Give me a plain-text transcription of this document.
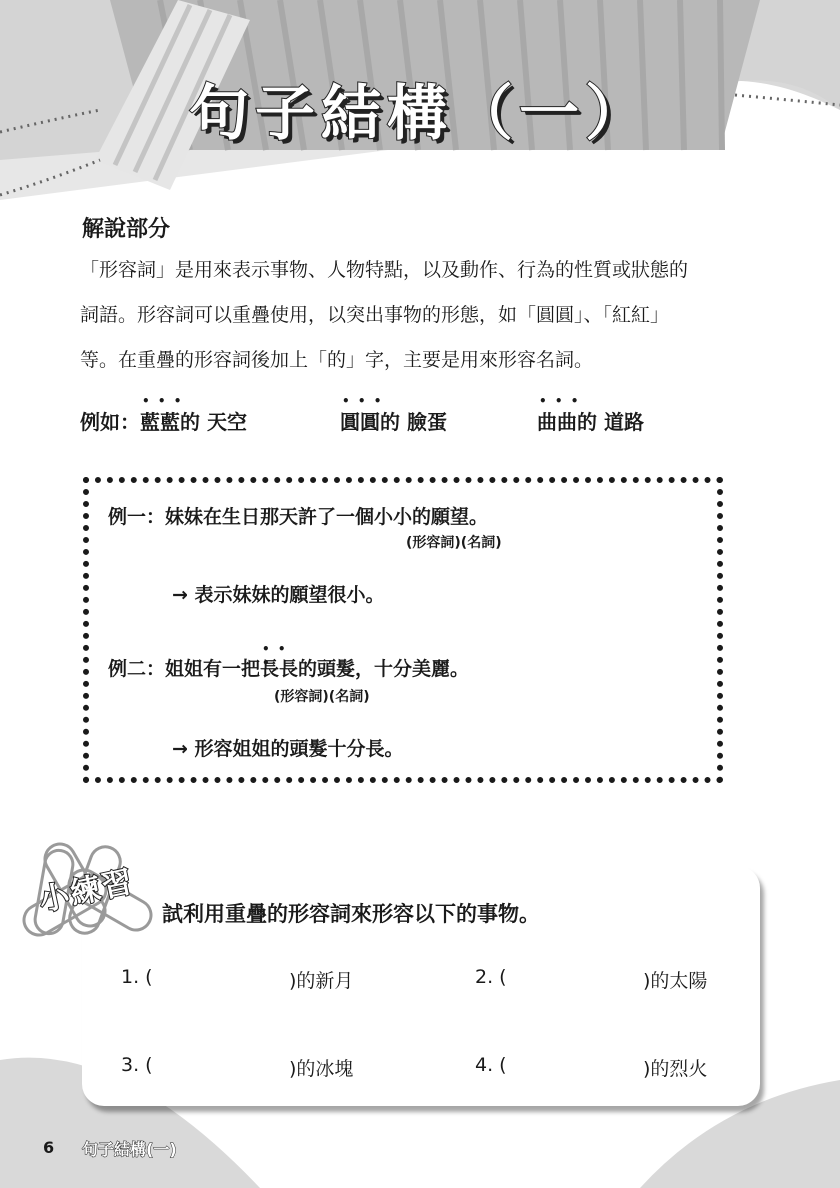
句子結構（一）
解說部分
「形容詞」是用來表示事物、人物特點，以及動作、行為的性質或狀態的
詞語。形容詞可以重疊使用，以突出事物的形態，如「圓圓」、「紅紅」
等。在重疊的形容詞後加上「的」字，主要是用來形容名詞。
例如：• • • 藍藍的 天空	• • • 圓圓的 臉蛋	• • • 曲曲的 道路
例一：妹妹在生日那天許了一個小小的願望。
(形容詞)(名詞)
→ 表示妹妹的願望很小。
例二：姐姐有一把• • • 長長的頭髮，十分美麗。
(形容詞)(名詞)
→ 形容姐姐的頭髮十分長。
小練習 試利用重疊的形容詞來形容以下的事物。
1. (	)的新月	2. (	)的太陽
3. (	)的冰塊	4. (	)的烈火
6 句子結構(一)
